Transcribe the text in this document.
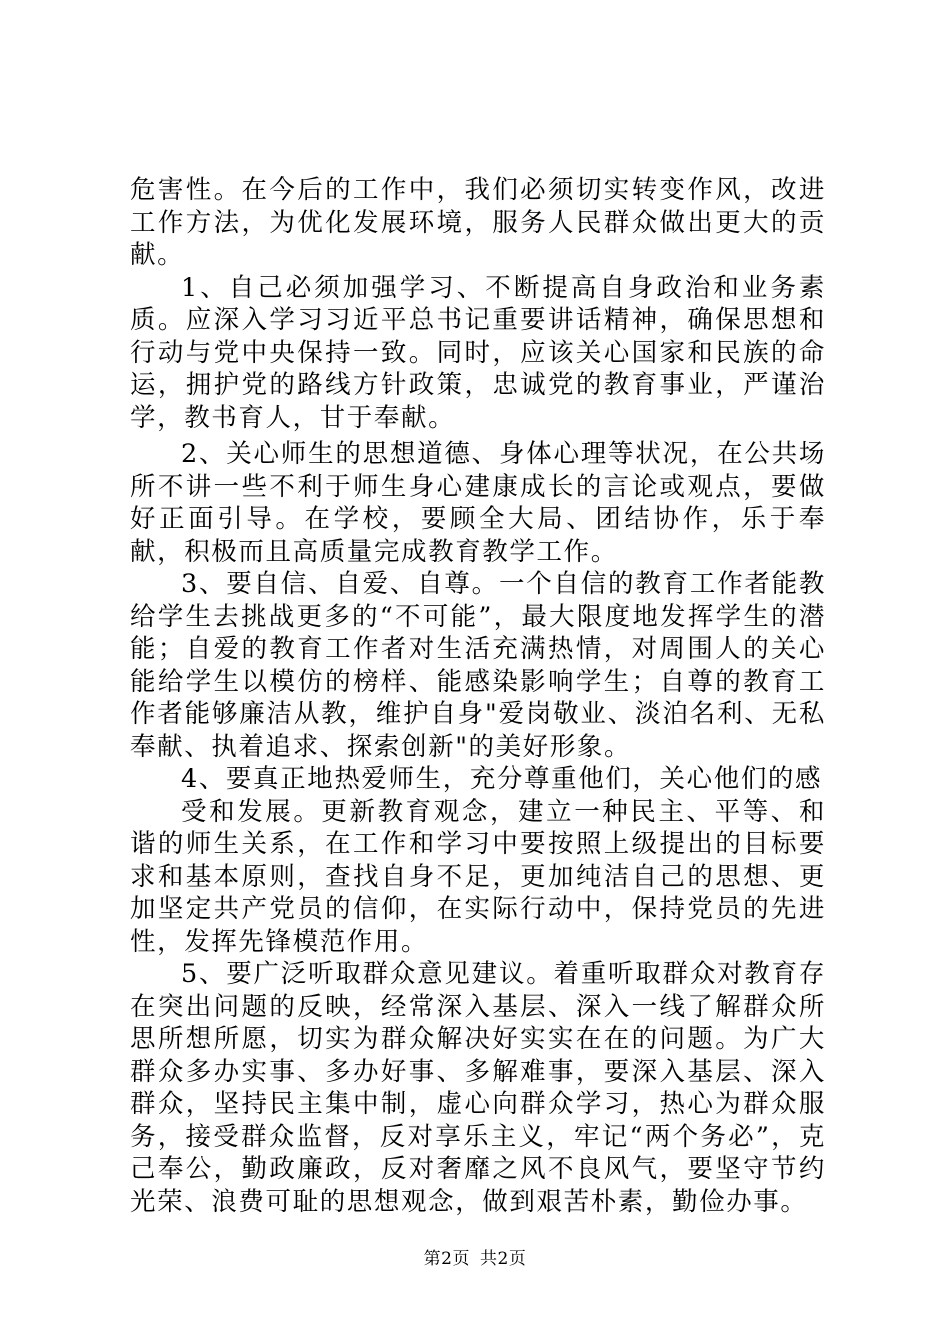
危害性。在今后的工作中，我们必须切实转变作风，改进工作方法，为优化发展环境，服务人民群众做出更大的贡献。

1、自己必须加强学习、不断提高自身政治和业务素质。应深入学习习近平总书记重要讲话精神，确保思想和行动与党中央保持一致。同时，应该关心国家和民族的命运，拥护党的路线方针政策，忠诚党的教育事业，严谨治学，教书育人，甘于奉献。

2、关心师生的思想道德、身体心理等状况，在公共场所不讲一些不利于师生身心建康成长的言论或观点，要做好正面引导。在学校，要顾全大局、团结协作，乐于奉献，积极而且高质量完成教育教学工作。

3、要自信、自爱、自尊。一个自信的教育工作者能教给学生去挑战更多的“不可能”，最大限度地发挥学生的潜能；自爱的教育工作者对生活充满热情，对周围人的关心能给学生以模仿的榜样、能感染影响学生；自尊的教育工作者能够廉洁从教，维护自身"爱岗敬业、淡泊名利、无私奉献、执着追求、探索创新"的美好形象。

4、要真正地热爱师生，充分尊重他们，关心他们的感

受和发展。更新教育观念，建立一种民主、平等、和谐的师生关系，在工作和学习中要按照上级提出的目标要求和基本原则，查找自身不足，更加纯洁自己的思想、更加坚定共产党员的信仰，在实际行动中，保持党员的先进性，发挥先锋模范作用。

5、要广泛听取群众意见建议。着重听取群众对教育存在突出问题的反映，经常深入基层、深入一线了解群众所思所想所愿，切实为群众解决好实实在在的问题。为广大群众多办实事、多办好事、多解难事，要深入基层、深入群众，坚持民主集中制，虚心向群众学习，热心为群众服务，接受群众监督，反对享乐主义，牢记“两个务必”，克己奉公，勤政廉政，反对奢靡之风不良风气，要坚守节约光荣、浪费可耻的思想观念，做到艰苦朴素，勤俭办事。

第2页 共2页
